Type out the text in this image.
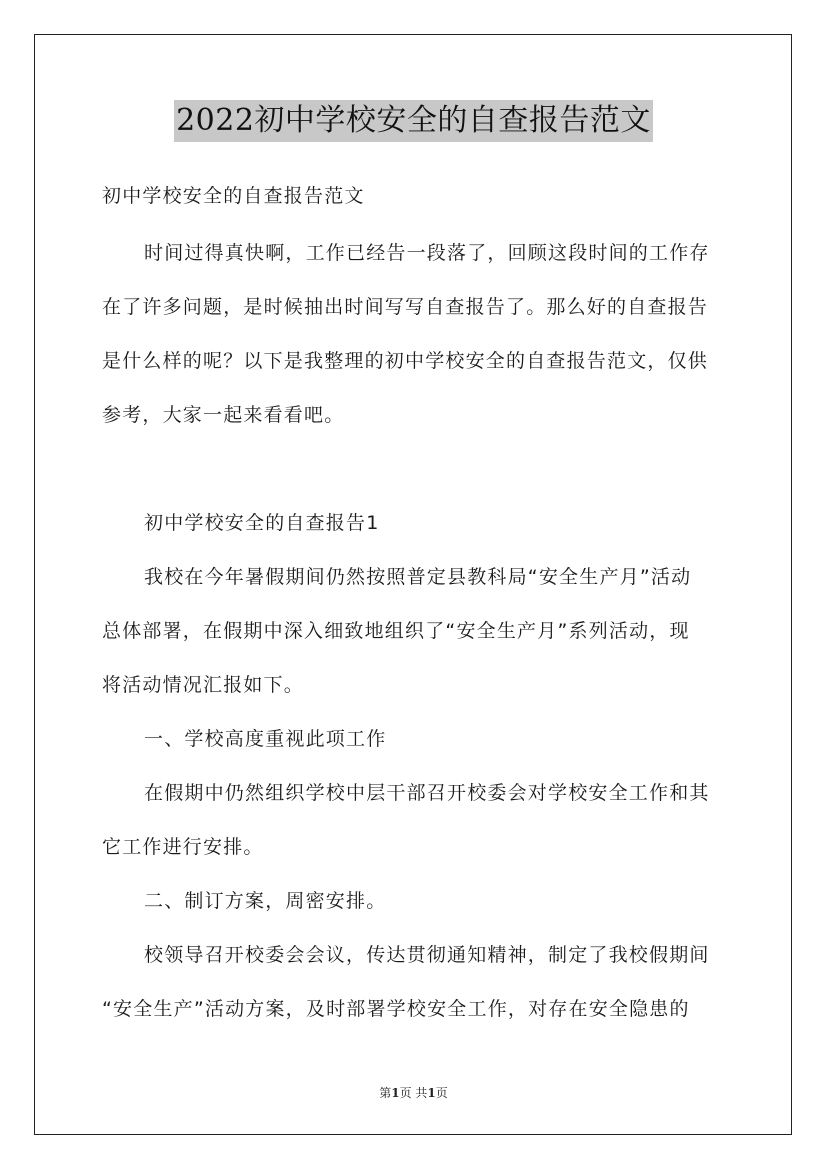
2022初中学校安全的自查报告范文
初中学校安全的自查报告范文
时间过得真快啊，工作已经告一段落了，回顾这段时间的工作存
在了许多问题，是时候抽出时间写写自查报告了。那么好的自查报告
是什么样的呢？以下是我整理的初中学校安全的自查报告范文，仅供
参考，大家一起来看看吧。
初中学校安全的自查报告1
我校在今年暑假期间仍然按照普定县教科局“安全生产月”活动
总体部署，在假期中深入细致地组织了“安全生产月”系列活动，现
将活动情况汇报如下。
一、学校高度重视此项工作
在假期中仍然组织学校中层干部召开校委会对学校安全工作和其
它工作进行安排。
二、制订方案，周密安排。
校领导召开校委会会议，传达贯彻通知精神，制定了我校假期间
“安全生产”活动方案，及时部署学校安全工作，对存在安全隐患的
第1页 共1页
